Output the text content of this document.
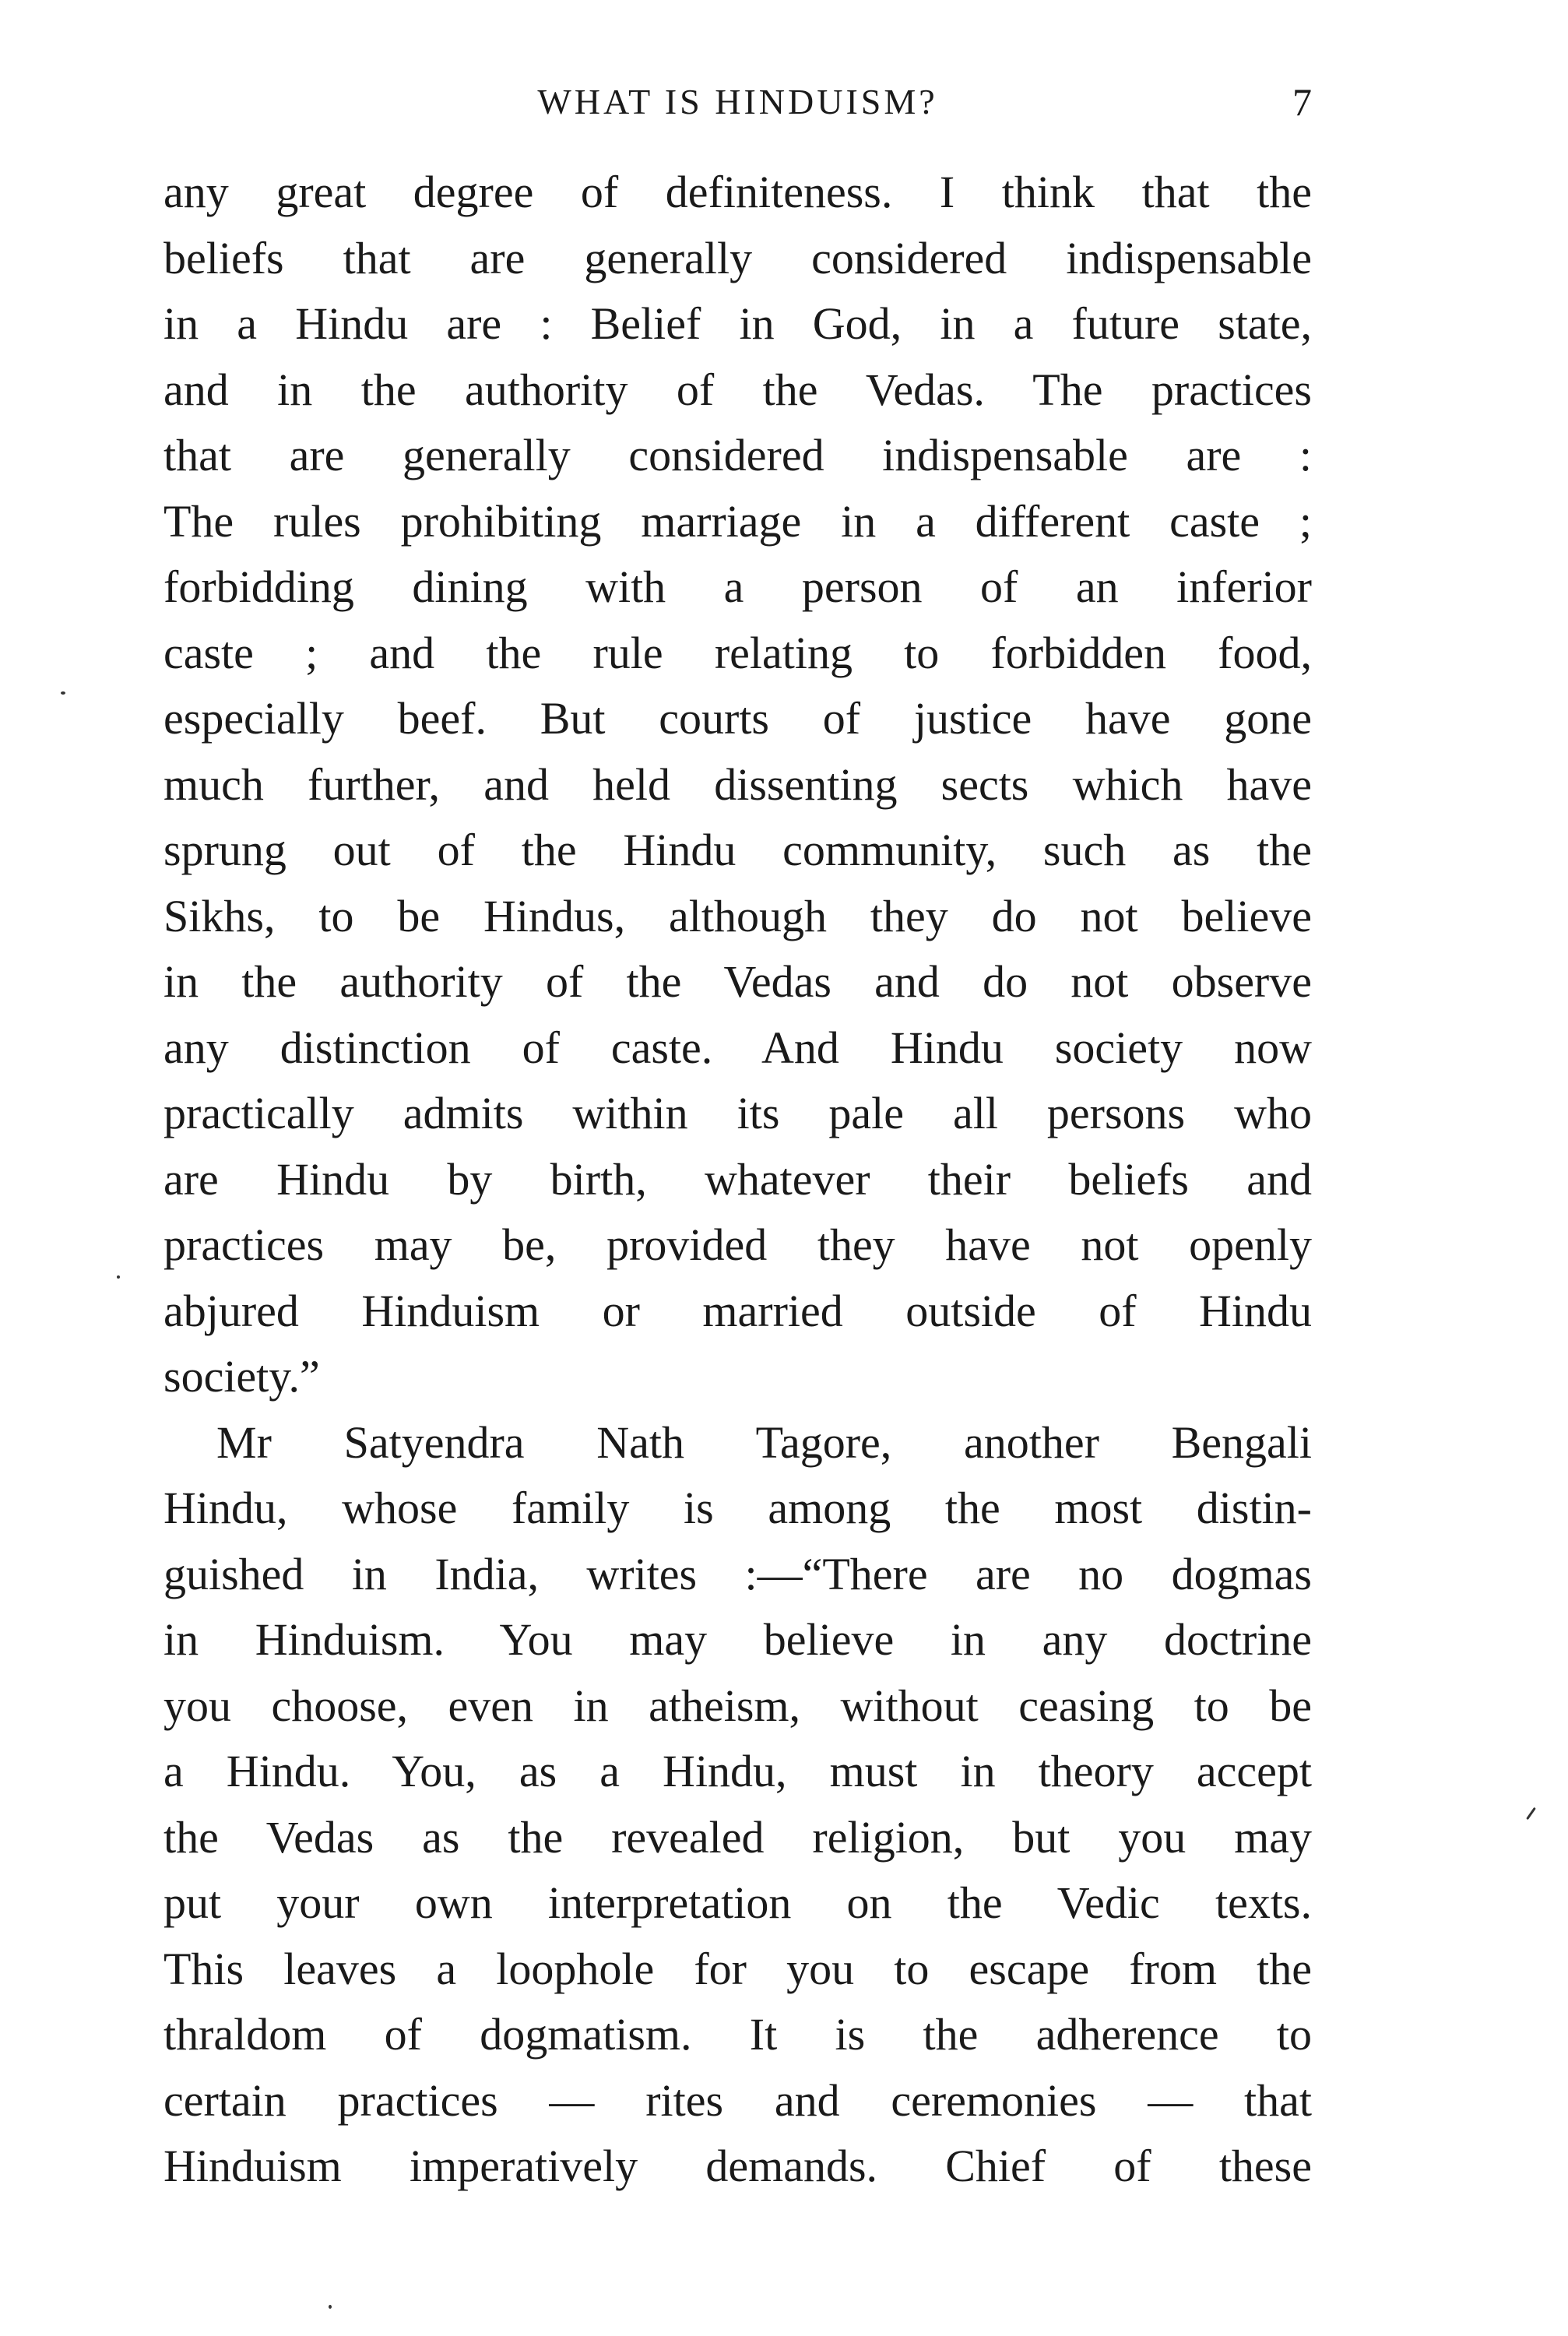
WHAT IS HINDUISM?	7
any great degree of definiteness. I think that the
beliefs that are generally considered indispensable
in a Hindu are : Belief in God, in a future state,
and in the authority of the Vedas. The practices
that are generally considered indispensable are :
The rules prohibiting marriage in a different caste ;
forbidding dining with a person of an inferior
caste ; and the rule relating to forbidden food,
especially beef. But courts of justice have gone
much further, and held dissenting sects which have
sprung out of the Hindu community, such as the
Sikhs, to be Hindus, although they do not believe
in the authority of the Vedas and do not observe
any distinction of caste. And Hindu society now
practically admits within its pale all persons who
are Hindu by birth, whatever their beliefs and
practices may be, provided they have not openly
abjured Hinduism or married outside of Hindu
society.”
Mr Satyendra Nath Tagore, another Bengali
Hindu, whose family is among the most distin-
guished in India, writes :—“There are no dogmas
in Hinduism. You may believe in any doctrine
you choose, even in atheism, without ceasing to be
a Hindu. You, as a Hindu, must in theory accept
the Vedas as the revealed religion, but you may
put your own interpretation on the Vedic texts.
This leaves a loophole for you to escape from the
thraldom of dogmatism. It is the adherence to
certain practices — rites and ceremonies — that
Hinduism imperatively demands. Chief of these
